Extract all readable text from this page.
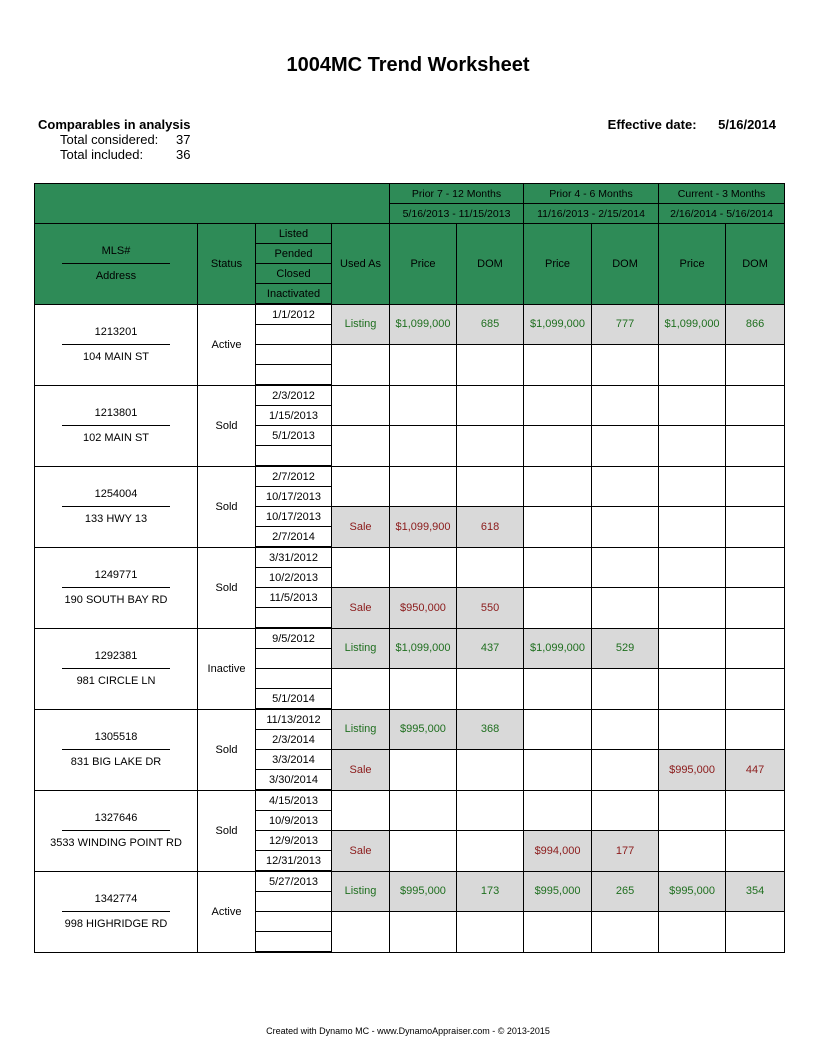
1004MC Trend Worksheet
Comparables in analysis
Total considered:	37
Total included:	36
Effective date: 5/16/2014
				Prior 7 - 12 Months		Prior 4 - 6 Months		Current - 3 Months	
				5/16/2013 - 11/15/2013		11/16/2013 - 2/15/2014		2/16/2014 - 5/16/2014	

MLS#
Address	Status	Listed	Used As	Price	DOM	Price	DOM	Price	DOM
		Pended							
		Closed							
		Inactivated							

1213201
104 MAIN ST	Active	1/1/2012	Listing	$1,099,000	685	$1,099,000	777	$1,099,000	866

1213801
102 MAIN ST	Sold	2/3/2012							
		1/15/2013							
		5/1/2013							

1254004
133 HWY 13	Sold	2/7/2012							
		10/17/2013							
		10/17/2013	Sale	$1,099,900	618				
		2/7/2014							

1249771
190 SOUTH BAY RD	Sold	3/31/2012							
		10/2/2013							
		11/5/2013	Sale	$950,000	550				

1292381
981 CIRCLE LN	Inactive	9/5/2012	Listing	$1,099,000	437	$1,099,000	529		

		5/1/2014							

1305518
831 BIG LAKE DR	Sold	11/13/2012	Listing	$995,000	368				
		2/3/2014							
		3/3/2014	Sale					$995,000	447
		3/30/2014							

1327646
3533 WINDING POINT RD	Sold	4/15/2013							
		10/9/2013							
		12/9/2013	Sale			$994,000	177		
		12/31/2013							

1342774
998 HIGHRIDGE RD	Active	5/27/2013	Listing	$995,000	173	$995,000	265	$995,000	354

Created with Dynamo MC - www.DynamoAppraiser.com - © 2013-2015
